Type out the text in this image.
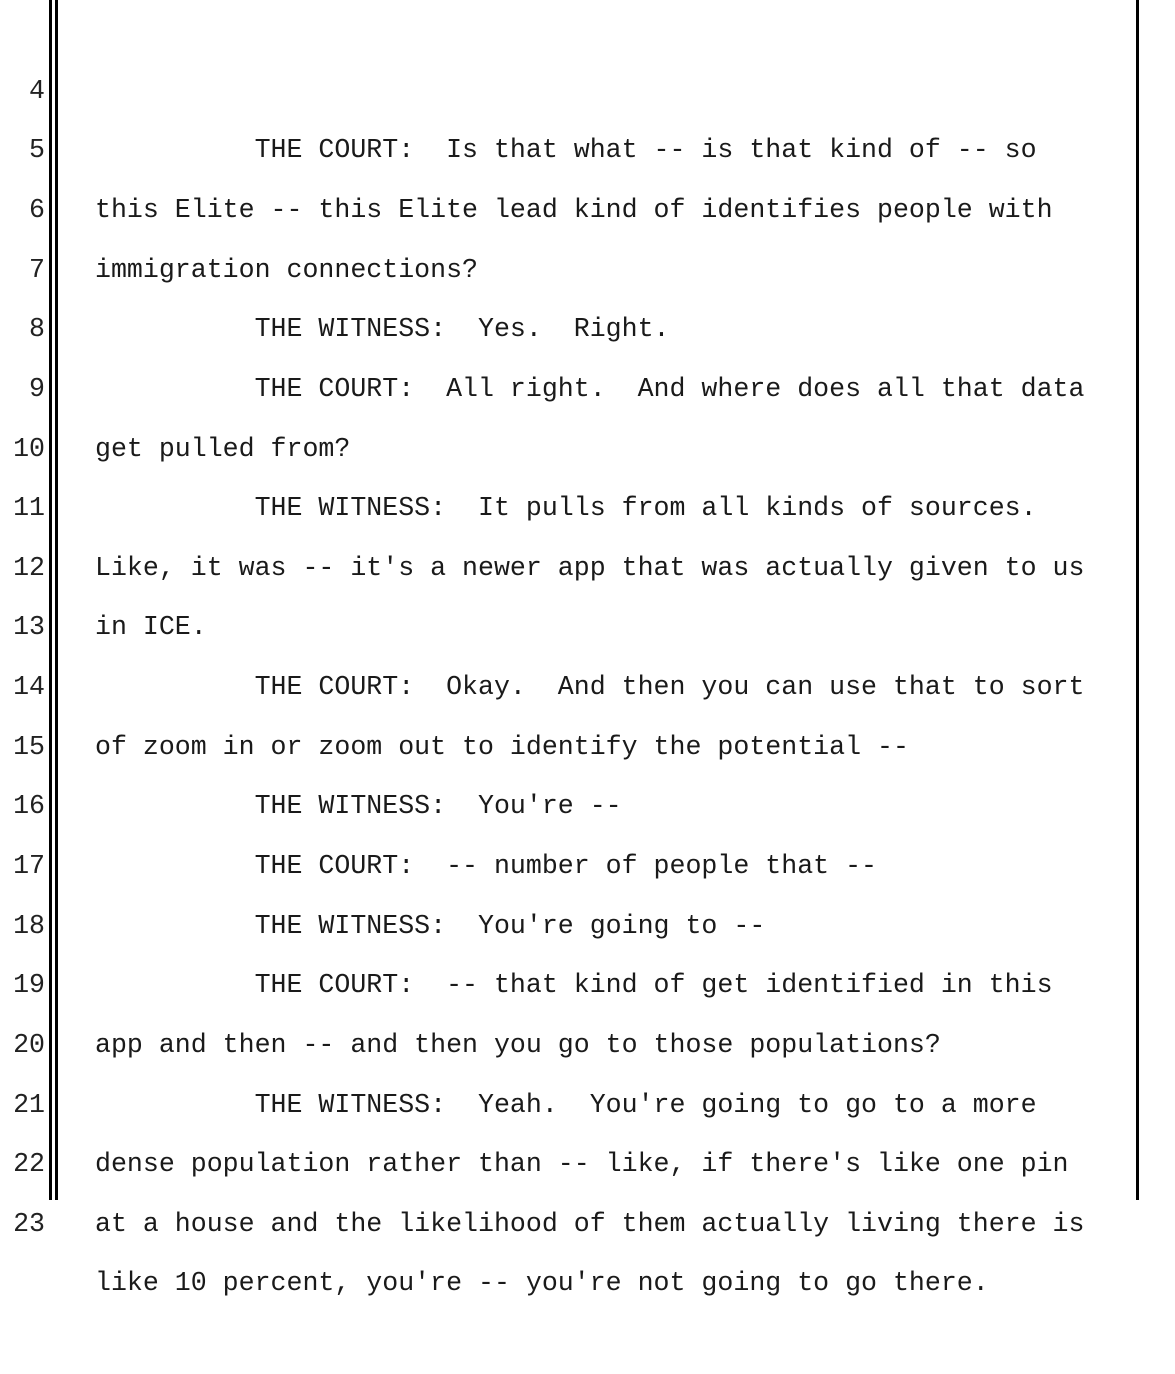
4

THE COURT:  Is that what -- is that kind of -- so

5

this Elite -- this Elite lead kind of identifies people with

6

immigration connections?

7

THE WITNESS:  Yes.  Right.

8

THE COURT:  All right.  And where does all that data

9

get pulled from?

10

THE WITNESS:  It pulls from all kinds of sources.

11

Like, it was -- it's a newer app that was actually given to us

12

in ICE.

13

THE COURT:  Okay.  And then you can use that to sort

14

of zoom in or zoom out to identify the potential --

15

THE WITNESS:  You're --

16

THE COURT:  -- number of people that --

17

THE WITNESS:  You're going to --

18

THE COURT:  -- that kind of get identified in this

19

app and then -- and then you go to those populations?

20

THE WITNESS:  Yeah.  You're going to go to a more

21

dense population rather than -- like, if there's like one pin

22

at a house and the likelihood of them actually living there is

23

like 10 percent, you're -- you're not going to go there.
